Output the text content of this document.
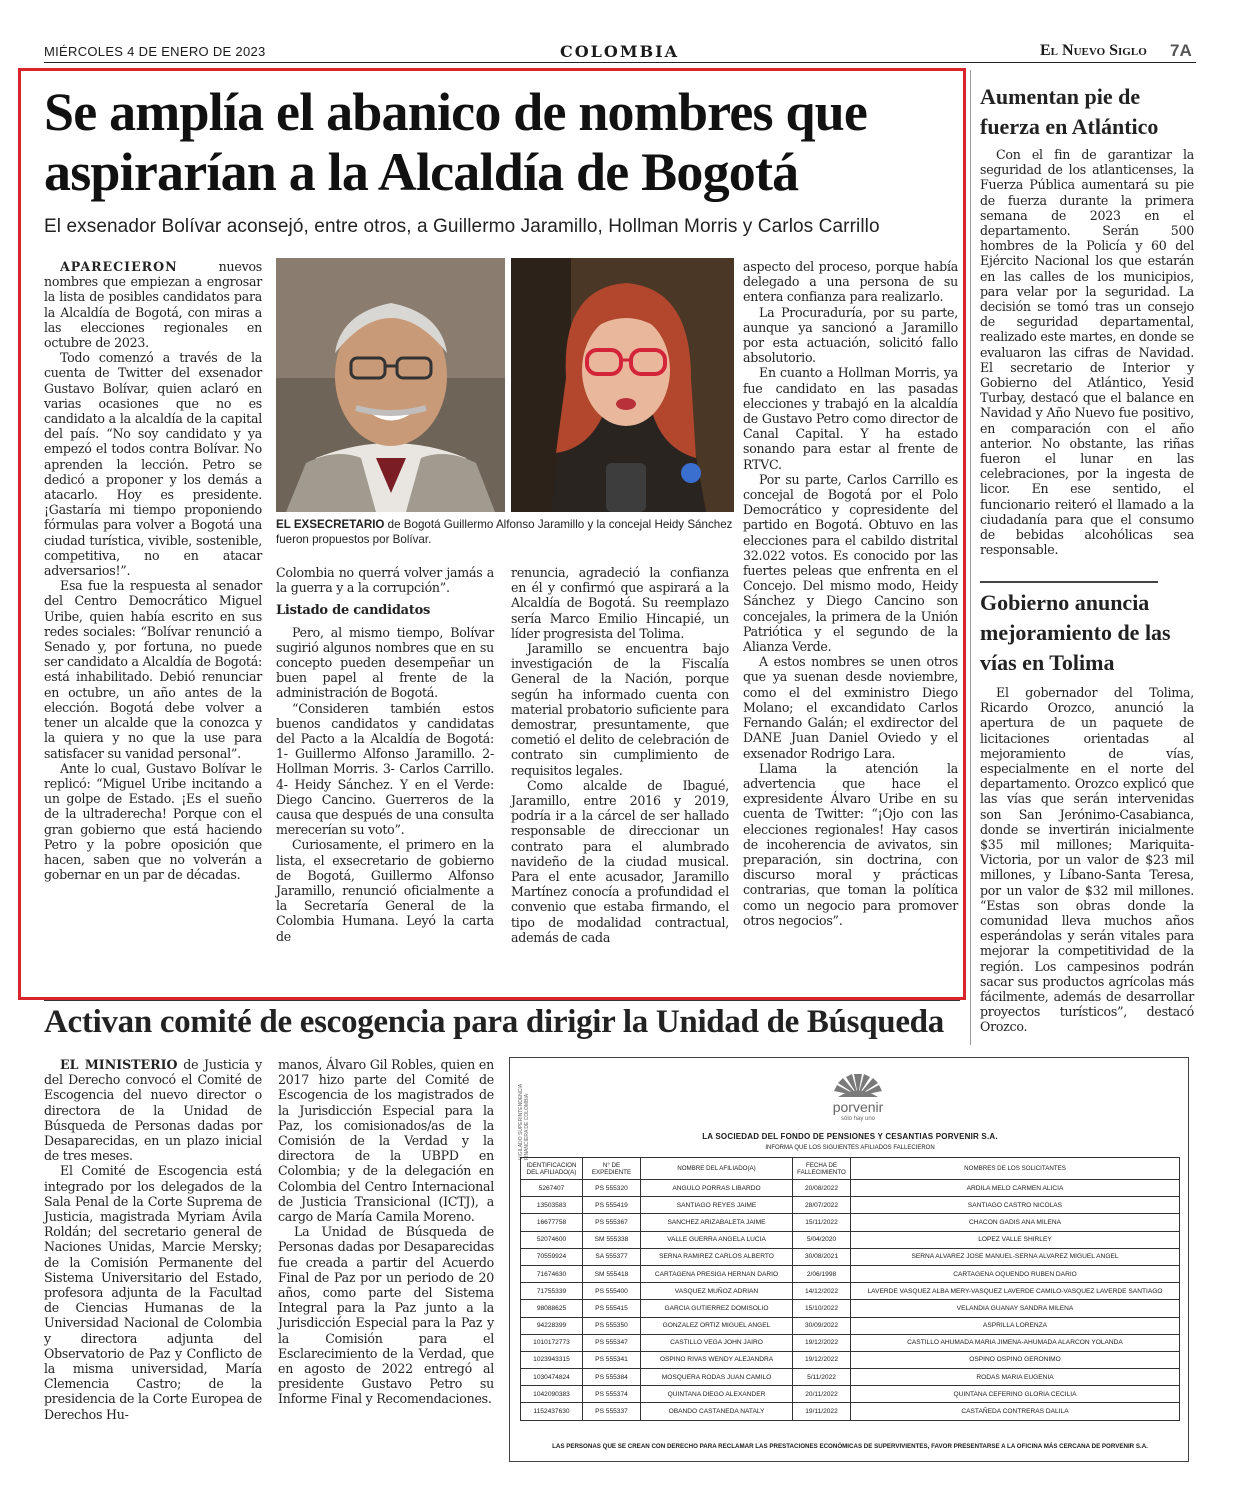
MIÉRCOLES 4 DE ENERO DE 2023	COLOMBIA	El Nuevo Siglo 7A
Se amplía el abanico de nombres que aspirarían a la Alcaldía de Bogotá
El exsenador Bolívar aconsejó, entre otros, a Guillermo Jaramillo, Hollman Morris y Carlos Carrillo

APARECIERON nuevos nombres que empiezan a engrosar la lista de posibles candidatos para la Alcaldía de Bogotá, con miras a las elecciones regionales en octubre de 2023.

Todo comenzó a través de la cuenta de Twitter del exsenador Gustavo Bolívar, quien aclaró en varias ocasiones que no es candidato a la alcaldía de la capital del país. “No soy candidato y ya empezó el todos contra Bolívar. No aprenden la lección. Petro se dedicó a proponer y los demás a atacarlo. Hoy es presidente. ¡Gastaría mi tiempo proponiendo fórmulas para volver a Bogotá una ciudad turística, vivible, sostenible, competitiva, no en atacar adversarios!”.

Esa fue la respuesta al senador del Centro Democrático Miguel Uribe, quien había escrito en sus redes sociales: “Bolívar renunció a Senado y, por fortuna, no puede ser candidato a Alcaldía de Bogotá: está inhabilitado. Debió renunciar en octubre, un año antes de la elección. Bogotá debe volver a tener un alcalde que la conozca y la quiera y no que la use para satisfacer su vanidad personal”.

Ante lo cual, Gustavo Bolívar le replicó: “Miguel Uribe incitando a un golpe de Estado. ¡Es el sueño de la ultraderecha! Porque con el gran gobierno que está haciendo Petro y la pobre oposición que hacen, saben que no volverán a gobernar en un par de décadas.

EL EXSECRETARIO de Bogotá Guillermo Alfonso Jaramillo y la concejal Heidy Sánchez fueron propuestos por Bolívar.

Colombia no querrá volver jamás a la guerra y a la corrupción”.

Listado de candidatos

Pero, al mismo tiempo, Bolívar sugirió algunos nombres que en su concepto pueden desempeñar un buen papel al frente de la administración de Bogotá.

“Consideren también estos buenos candidatos y candidatas del Pacto a la Alcaldía de Bogotá: 1- Guillermo Alfonso Jaramillo. 2- Hollman Morris. 3- Carlos Carrillo. 4- Heidy Sánchez. Y en el Verde: Diego Cancino. Guerreros de la causa que después de una consulta merecerían su voto”.

Curiosamente, el primero en la lista, el exsecretario de gobierno de Bogotá, Guillermo Alfonso Jaramillo, renunció oficialmente a la Secretaría General de la Colombia Humana. Leyó la carta de

renuncia, agradeció la confianza en él y confirmó que aspirará a la Alcaldía de Bogotá. Su reemplazo sería Marco Emilio Hincapié, un líder progresista del Tolima.

Jaramillo se encuentra bajo investigación de la Fiscalía General de la Nación, porque según ha informado cuenta con material probatorio suficiente para demostrar, presuntamente, que cometió el delito de celebración de contrato sin cumplimiento de requisitos legales.

Como alcalde de Ibagué, Jaramillo, entre 2016 y 2019, podría ir a la cárcel de ser hallado responsable de direccionar un contrato para el alumbrado navideño de la ciudad musical. Para el ente acusador, Jaramillo Martínez conocía a profundidad el convenio que estaba firmando, el tipo de modalidad contractual, además de cada

aspecto del proceso, porque había delegado a una persona de su entera confianza para realizarlo.

La Procuraduría, por su parte, aunque ya sancionó a Jaramillo por esta actuación, solicitó fallo absolutorio.

En cuanto a Hollman Morris, ya fue candidato en las pasadas elecciones y trabajó en la alcaldía de Gustavo Petro como director de Canal Capital. Y ha estado sonando para estar al frente de RTVC.

Por su parte, Carlos Carrillo es concejal de Bogotá por el Polo Democrático y copresidente del partido en Bogotá. Obtuvo en las elecciones para el cabildo distrital 32.022 votos. Es conocido por las fuertes peleas que enfrenta en el Concejo. Del mismo modo, Heidy Sánchez y Diego Cancino son concejales, la primera de la Unión Patriótica y el segundo de la Alianza Verde.

A estos nombres se unen otros que ya suenan desde noviembre, como el del exministro Diego Molano; el excandidato Carlos Fernando Galán; el exdirector del DANE Juan Daniel Oviedo y el exsenador Rodrigo Lara.

Llama la atención la advertencia que hace el expresidente Álvaro Uribe en su cuenta de Twitter: “¡Ojo con las elecciones regionales! Hay casos de incoherencia de avivatos, sin preparación, sin doctrina, con discurso moral y prácticas contrarias, que toman la política como un negocio para promover otros negocios”.

Aumentan pie de fuerza en Atlántico

Con el fin de garantizar la seguridad de los atlanticenses, la Fuerza Pública aumentará su pie de fuerza durante la primera semana de 2023 en el departamento. Serán 500 hombres de la Policía y 60 del Ejército Nacional los que estarán en las calles de los municipios, para velar por la seguridad. La decisión se tomó tras un consejo de seguridad departamental, realizado este martes, en donde se evaluaron las cifras de Navidad. El secretario de Interior y Gobierno del Atlántico, Yesid Turbay, destacó que el balance en Navidad y Año Nuevo fue positivo, en comparación con el año anterior. No obstante, las riñas fueron el lunar en las celebraciones, por la ingesta de licor. En ese sentido, el funcionario reiteró el llamado a la ciudadanía para que el consumo de bebidas alcohólicas sea responsable.

Gobierno anuncia mejoramiento de las vías en Tolima

El gobernador del Tolima, Ricardo Orozco, anunció la apertura de un paquete de licitaciones orientadas al mejoramiento de vías, especialmente en el norte del departamento. Orozco explicó que las vías que serán intervenidas son San Jerónimo-Casabianca, donde se invertirán inicialmente $35 mil millones; Mariquita-Victoria, por un valor de $23 mil millones, y Líbano-Santa Teresa, por un valor de $32 mil millones. “Estas son obras donde la comunidad lleva muchos años esperándolas y serán vitales para mejorar la competitividad de la región. Los campesinos podrán sacar sus productos agrícolas más fácilmente, además de desarrollar proyectos turísticos”, destacó Orozco.

Activan comité de escogencia para dirigir la Unidad de Búsqueda

EL MINISTERIO de Justicia y del Derecho convocó el Comité de Escogencia del nuevo director o directora de la Unidad de Búsqueda de Personas dadas por Desaparecidas, en un plazo inicial de tres meses.

El Comité de Escogencia está integrado por los delegados de la Sala Penal de la Corte Suprema de Justicia, magistrada Myriam Ávila Roldán; del secretario general de Naciones Unidas, Marcie Mersky; de la Comisión Permanente del Sistema Universitario del Estado, profesora adjunta de la Facultad de Ciencias Humanas de la Universidad Nacional de Colombia y directora adjunta del Observatorio de Paz y Conflicto de la misma universidad, María Clemencia Castro; de la presidencia de la Corte Europea de Derechos Hu-

manos, Álvaro Gil Robles, quien en 2017 hizo parte del Comité de Escogencia de los magistrados de la Jurisdicción Especial para la Paz, los comisionados/as de la Comisión de la Verdad y la directora de la UBPD en Colombia; y de la delegación en Colombia del Centro Internacional de Justicia Transicional (ICTJ), a cargo de María Camila Moreno.

La Unidad de Búsqueda de Personas dadas por Desaparecidas fue creada a partir del Acuerdo Final de Paz por un periodo de 20 años, como parte del Sistema Integral para la Paz junto a la Jurisdicción Especial para la Paz y la Comisión para el Esclarecimiento de la Verdad, que en agosto de 2022 entregó al presidente Gustavo Petro su Informe Final y Recomendaciones.

VIGILADO SUPERINTENDENCIA FINANCIERA DE COLOMBIA	porvenir
sólo hay uno
LA SOCIEDAD DEL FONDO DE PENSIONES Y CESANTIAS PORVENIR S.A.
INFORMA QUE LOS SIGUIENTES AFILIADOS FALLECIERON
IDENTIFICACION DEL AFILIADO(A)	N° DE EXPEDIENTE	NOMBRE DEL AFILIADO(A)	FECHA DE FALLECIMIENTO	NOMBRES DE LOS SOLICITANTES
5267407	PS 555320	ANGULO PORRAS LIBARDO	20/08/2022	ARDILA MELO CARMEN ALICIA
13503583	PS 555419	SANTIAGO REYES JAIME	28/07/2022	SANTIAGO CASTRO NICOLAS
16677758	PS 555367	SANCHEZ ARIZABALETA JAIME	15/11/2022	CHACON GADIS ANA MILENA
52074600	SM 555338	VALLE GUERRA ANGELA LUCIA	5/04/2020	LOPEZ VALLE SHIRLEY
70559924	SA 555377	SERNA RAMIREZ CARLOS ALBERTO	30/08/2021	SERNA ALVAREZ JOSE MANUEL-SERNA ALVAREZ MIGUEL ANGEL
71674630	SM 555418	CARTAGENA PRESIGA HERNAN DARIO	2/06/1998	CARTAGENA OQUENDO RUBEN DARIO
71755339	PS 555400	VASQUEZ MUÑOZ ADRIAN	14/12/2022	LAVERDE VASQUEZ ALBA MERY-VASQUEZ LAVERDE CAMILO-VASQUEZ LAVERDE SANTIAGO
98088625	PS 555415	GARCIA GUTIERREZ DOMISOLIO	15/10/2022	VELANDIA GUANAY SANDRA MILENA
94228399	PS 555350	GONZALEZ ORTIZ MIGUEL ANGEL	30/09/2022	ASPRILLA LORENZA
1010172773	PS 555347	CASTILLO VEGA JOHN JAIRO	19/12/2022	CASTILLO AHUMADA MARIA JIMENA-AHUMADA ALARCON YOLANDA
1023943315	PS 555341	OSPINO RIVAS WENDY ALEJANDRA	19/12/2022	OSPINO OSPINO GERONIMO
1030474824	PS 555384	MOSQUERA RODAS JUAN CAMILO	5/11/2022	RODAS MARIA EUGENIA
1042090383	PS 555374	QUINTANA DIEGO ALEXANDER	20/11/2022	QUINTANA CEFERINO GLORIA CECILIA
1152437630	PS 555337	OBANDO CASTANEDA NATALY	19/11/2022	CASTAÑEDA CONTRERAS DALILA
LAS PERSONAS QUE SE CREAN CON DERECHO PARA RECLAMAR LAS PRESTACIONES ECONÓMICAS DE SUPERVIVIENTES, FAVOR PRESENTARSE A LA OFICINA MÁS CERCANA DE PORVENIR S.A.
